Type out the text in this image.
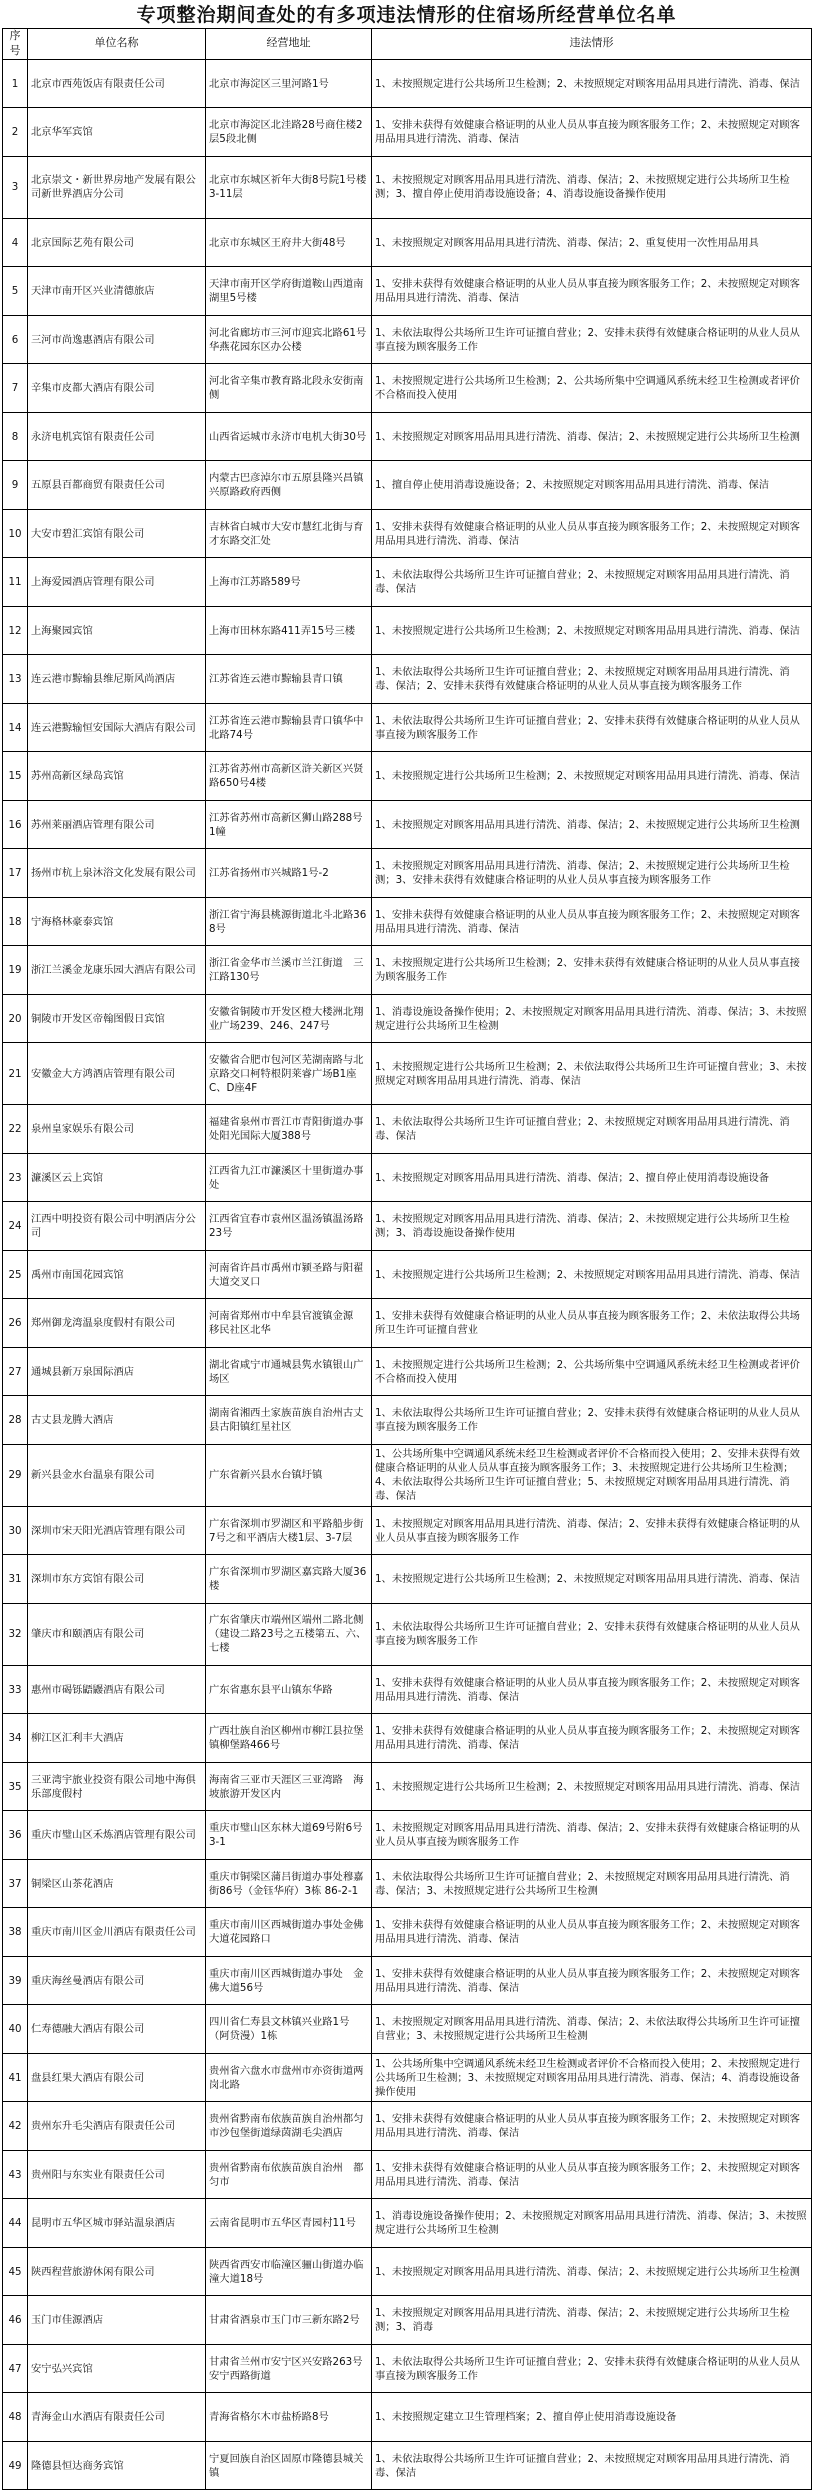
专项整治期间查处的有多项违法情形的住宿场所经营单位名单
序号	单位名称	经营地址	违法情形
1	北京市西苑饭店有限责任公司	北京市海淀区三里河路1号	1、未按照规定进行公共场所卫生检测；2、未按照规定对顾客用品用具进行清洗、消毒、保洁
2	北京华军宾馆	北京市海淀区北洼路28号商住楼2层5段北侧	1、安排未获得有效健康合格证明的从业人员从事直接为顾客服务工作；2、未按照规定对顾客用品用具进行清洗、消毒、保洁
3	北京崇文・新世界房地产发展有限公司新世界酒店分公司	北京市东城区祈年大街8号院1号楼3-11层	1、未按照规定对顾客用品用具进行清洗、消毒、保洁；2、未按照规定进行公共场所卫生检测；3、擅自停止使用消毒设施设备；4、消毒设施设备操作使用
4	北京国际艺苑有限公司	北京市东城区王府井大街48号	1、未按照规定对顾客用品用具进行清洗、消毒、保洁；2、重复使用一次性用品用具
5	天津市南开区兴业清德旅店	天津市南开区学府街道鞍山西道南湖里5号楼	1、安排未获得有效健康合格证明的从业人员从事直接为顾客服务工作；2、未按照规定对顾客用品用具进行清洗、消毒、保洁
6	三河市尚逸惠酒店有限公司	河北省廊坊市三河市迎宾北路61号华燕花园东区办公楼	1、未依法取得公共场所卫生许可证擅自营业；2、安排未获得有效健康合格证明的从业人员从事直接为顾客服务工作
7	辛集市皮都大酒店有限公司	河北省辛集市教育路北段永安街南侧	1、未按照规定进行公共场所卫生检测；2、公共场所集中空调通风系统未经卫生检测或者评价不合格而投入使用
8	永济电机宾馆有限责任公司	山西省运城市永济市电机大街30号	1、未按照规定对顾客用品用具进行清洗、消毒、保洁；2、未按照规定进行公共场所卫生检测
9	五原县百都商贸有限责任公司	内蒙古巴彦淖尔市五原县隆兴昌镇兴原路政府西侧	1、擅自停止使用消毒设施设备；2、未按照规定对顾客用品用具进行清洗、消毒、保洁
10	大安市碧汇宾馆有限公司	吉林省白城市大安市慧红北街与育才东路交汇处	1、安排未获得有效健康合格证明的从业人员从事直接为顾客服务工作；2、未按照规定对顾客用品用具进行清洗、消毒、保洁
11	上海爱园酒店管理有限公司	上海市江苏路589号	1、未依法取得公共场所卫生许可证擅自营业；2、未按照规定对顾客用品用具进行清洗、消毒、保洁
12	上海聚园宾馆	上海市田林东路411弄15号三楼	1、未按照规定进行公共场所卫生检测；2、未按照规定对顾客用品用具进行清洗、消毒、保洁
13	连云港市黥输县维尼斯风尚酒店	江苏省连云港市黥输县青口镇	1、未依法取得公共场所卫生许可证擅自营业；2、未按照规定对顾客用品用具进行清洗、消毒、保洁；2、安排未获得有效健康合格证明的从业人员从事直接为顾客服务工作
14	连云港黥输恒安国际大酒店有限公司	江苏省连云港市黥输县青口镇华中北路74号	1、未依法取得公共场所卫生许可证擅自营业；2、安排未获得有效健康合格证明的从业人员从事直接为顾客服务工作
15	苏州高新区绿岛宾馆	江苏省苏州市高新区浒关新区兴贤路650号4楼	1、未按照规定进行公共场所卫生检测；2、未按照规定对顾客用品用具进行清洗、消毒、保洁
16	苏州莱丽酒店管理有限公司	江苏省苏州市高新区狮山路288号1幢	1、未按照规定对顾客用品用具进行清洗、消毒、保洁；2、未按照规定进行公共场所卫生检测
17	扬州市杭上泉沐浴文化发展有限公司	江苏省扬州市兴城路1号-2	1、未按照规定对顾客用品用具进行清洗、消毒、保洁；2、未按照规定进行公共场所卫生检测；3、安排未获得有效健康合格证明的从业人员从事直接为顾客服务工作
18	宁海格林豪泰宾馆	浙江省宁海县桃源街道北斗北路368号	1、安排未获得有效健康合格证明的从业人员从事直接为顾客服务工作；2、未按照规定对顾客用品用具进行清洗、消毒、保洁
19	浙江兰溪金龙康乐园大酒店有限公司	浙江省金华市兰溪市兰江街道　三江路130号	1、未按照规定进行公共场所卫生检测；2、安排未获得有效健康合格证明的从业人员从事直接为顾客服务工作
20	铜陵市开发区帝翰图假日宾馆	安徽省铜陵市开发区橙大楼洲北翔业广场239、246、247号	1、消毒设施设备操作使用；2、未按照规定对顾客用品用具进行清洗、消毒、保洁；3、未按照规定进行公共场所卫生检测
21	安徽金大方鸿酒店管理有限公司	安徽省合肥市包河区芜湖南路与北京路交口柯特根阴莱睿广场B1座C、D座4F	1、未按照规定进行公共场所卫生检测；2、未依法取得公共场所卫生许可证擅自营业；3、未按照规定对顾客用品用具进行清洗、消毒、保洁
22	泉州皇家娱乐有限公司	福建省泉州市晋江市青阳街道办事处阳光国际大厦388号	1、未依法取得公共场所卫生许可证擅自营业；2、未按照规定对顾客用品用具进行清洗、消毒、保洁
23	濂溪区云上宾馆	江西省九江市濂溪区十里街道办事处	1、未按照规定对顾客用品用具进行清洗、消毒、保洁；2、擅自停止使用消毒设施设备
24	江西中明投资有限公司中明酒店分公司	江西省宜春市袁州区温汤镇温汤路23号	1、未按照规定对顾客用品用具进行清洗、消毒、保洁；2、未按照规定进行公共场所卫生检测；3、消毒设施设备操作使用
25	禹州市南国花园宾馆	河南省许昌市禹州市颍圣路与阳翟大道交叉口	1、未按照规定进行公共场所卫生检测；2、未按照规定对顾客用品用具进行清洗、消毒、保洁
26	郑州御龙湾温泉度假村有限公司	河南省郑州市中牟县官渡镇金源　移民社区北华	1、安排未获得有效健康合格证明的从业人员从事直接为顾客服务工作；2、未依法取得公共场所卫生许可证擅自营业
27	通城县新万泉国际酒店	湖北省咸宁市通城县隽水镇银山广场区	1、未按照规定进行公共场所卫生检测；2、公共场所集中空调通风系统未经卫生检测或者评价不合格而投入使用
28	古丈县龙腾大酒店	湖南省湘西土家族苗族自治州古丈县古阳镇红星社区	1、未依法取得公共场所卫生许可证擅自营业；2、安排未获得有效健康合格证明的从业人员从事直接为顾客服务工作
29	新兴县金水台温泉有限公司	广东省新兴县水台镇圩镇	1、公共场所集中空调通风系统未经卫生检测或者评价不合格而投入使用；2、安排未获得有效健康合格证明的从业人员从事直接为顾客服务工作；3、未按照规定进行公共场所卫生检测；4、未依法取得公共场所卫生许可证擅自营业；5、未按照规定对顾客用品用具进行清洗、消毒、保洁
30	深圳市宋天阳光酒店管理有限公司	广东省深圳市罗湖区和平路船步街7号之和平酒店大楼1层、3-7层	1、未按照规定对顾客用品用具进行清洗、消毒、保洁；2、安排未获得有效健康合格证明的从业人员从事直接为顾客服务工作
31	深圳市东方宾馆有限公司	广东省深圳市罗湖区嘉宾路大厦36楼	1、未按照规定进行公共场所卫生检测；2、未按照规定对顾客用品用具进行清洗、消毒、保洁
32	肇庆市和颐酒店有限公司	广东省肇庆市端州区端州二路北侧（建设二路23号之五楼第五、六、七楼	1、未依法取得公共场所卫生许可证擅自营业；2、安排未获得有效健康合格证明的从业人员从事直接为顾客服务工作
33	惠州市碣铄鼯鼹酒店有限公司	广东省惠东县平山镇东华路	1、安排未获得有效健康合格证明的从业人员从事直接为顾客服务工作；2、未按照规定对顾客用品用具进行清洗、消毒、保洁
34	柳江区汇利丰大酒店	广西壮族自治区柳州市柳江县拉堡镇柳堡路466号	1、安排未获得有效健康合格证明的从业人员从事直接为顾客服务工作；2、未按照规定对顾客用品用具进行清洗、消毒、保洁
35	三亚湾宇旅业投资有限公司地中海俱乐部度假村	海南省三亚市天涯区三亚湾路　海坡旅游开发区内	1、未按照规定进行公共场所卫生检测；2、未按照规定对顾客用品用具进行清洗、消毒、保洁
36	重庆市璧山区禾炼酒店管理有限公司	重庆市璧山区东林大道69号附6号3-1	1、未按照规定对顾客用品用具进行清洗、消毒、保洁；2、安排未获得有效健康合格证明的从业人员从事直接为顾客服务工作
37	铜梁区山茶花酒店	重庆市铜梁区蒲吕街道办事处穆嘉街86号（金钰华府）3栋 86-2-1	1、未依法取得公共场所卫生许可证擅自营业；2、未按照规定对顾客用品用具进行清洗、消毒、保洁；3、未按照规定进行公共场所卫生检测
38	重庆市南川区金川酒店有限责任公司	重庆市南川区西城街道办事处金佛大道花园路口	1、安排未获得有效健康合格证明的从业人员从事直接为顾客服务工作；2、未按照规定对顾客用品用具进行清洗、消毒、保洁
39	重庆海丝曼酒店有限公司	重庆市南川区西城街道办事处　金佛大道56号	1、安排未获得有效健康合格证明的从业人员从事直接为顾客服务工作；2、未按照规定对顾客用品用具进行清洗、消毒、保洁
40	仁寿德融大酒店有限公司	四川省仁寿县文林镇兴业路1号（阿贷漫）1栋	1、未按照规定对顾客用品用具进行清洗、消毒、保洁；2、未依法取得公共场所卫生许可证擅自营业；3、未按照规定进行公共场所卫生检测
41	盘县红果大酒店有限公司	贵州省六盘水市盘州市亦资街道两岗北路	1、公共场所集中空调通风系统未经卫生检测或者评价不合格而投入使用；2、未按照规定进行公共场所卫生检测；3、未按照规定对顾客用品用具进行清洗、消毒、保洁；4、消毒设施设备操作使用
42	贵州东升毛尖酒店有限责任公司	贵州省黔南布依族苗族自治州都匀市沙包堡街道绿茵湖毛尖酒店	1、安排未获得有效健康合格证明的从业人员从事直接为顾客服务工作；2、未按照规定对顾客用品用具进行清洗、消毒、保洁
43	贵州阳与东实业有限责任公司	贵州省黔南布依族苗族自治州　都匀市	1、安排未获得有效健康合格证明的从业人员从事直接为顾客服务工作；2、未按照规定对顾客用品用具进行清洗、消毒、保洁
44	昆明市五华区城市驿站温泉酒店	云南省昆明市五华区青园村11号	1、消毒设施设备操作使用；2、未按照规定对顾客用品用具进行清洗、消毒、保洁；3、未按照规定进行公共场所卫生检测
45	陕西程营旅游休闲有限公司	陕西省西安市临潼区骊山街道办临潼大道18号	1、未按照规定对顾客用品用具进行清洗、消毒、保洁；2、未按照规定进行公共场所卫生检测
46	玉门市佳源酒店	甘肃省酒泉市玉门市三新东路2号	1、未按照规定对顾客用品用具进行清洗、消毒、保洁；2、未按照规定进行公共场所卫生检测；3、消毒
47	安宁弘兴宾馆	甘肃省兰州市安宁区兴安路263号安宁西路街道	1、未依法取得公共场所卫生许可证擅自营业；2、安排未获得有效健康合格证明的从业人员从事直接为顾客服务工作
48	青海金山水酒店有限责任公司	青海省格尔木市盐桥路8号	1、未按照规定建立卫生管理档案；2、擅自停止使用消毒设施设备
49	隆德县恒达商务宾馆	宁夏回族自治区固原市隆德县城关镇	1、未依法取得公共场所卫生许可证擅自营业；2、未按照规定对顾客用品用具进行清洗、消毒、保洁
